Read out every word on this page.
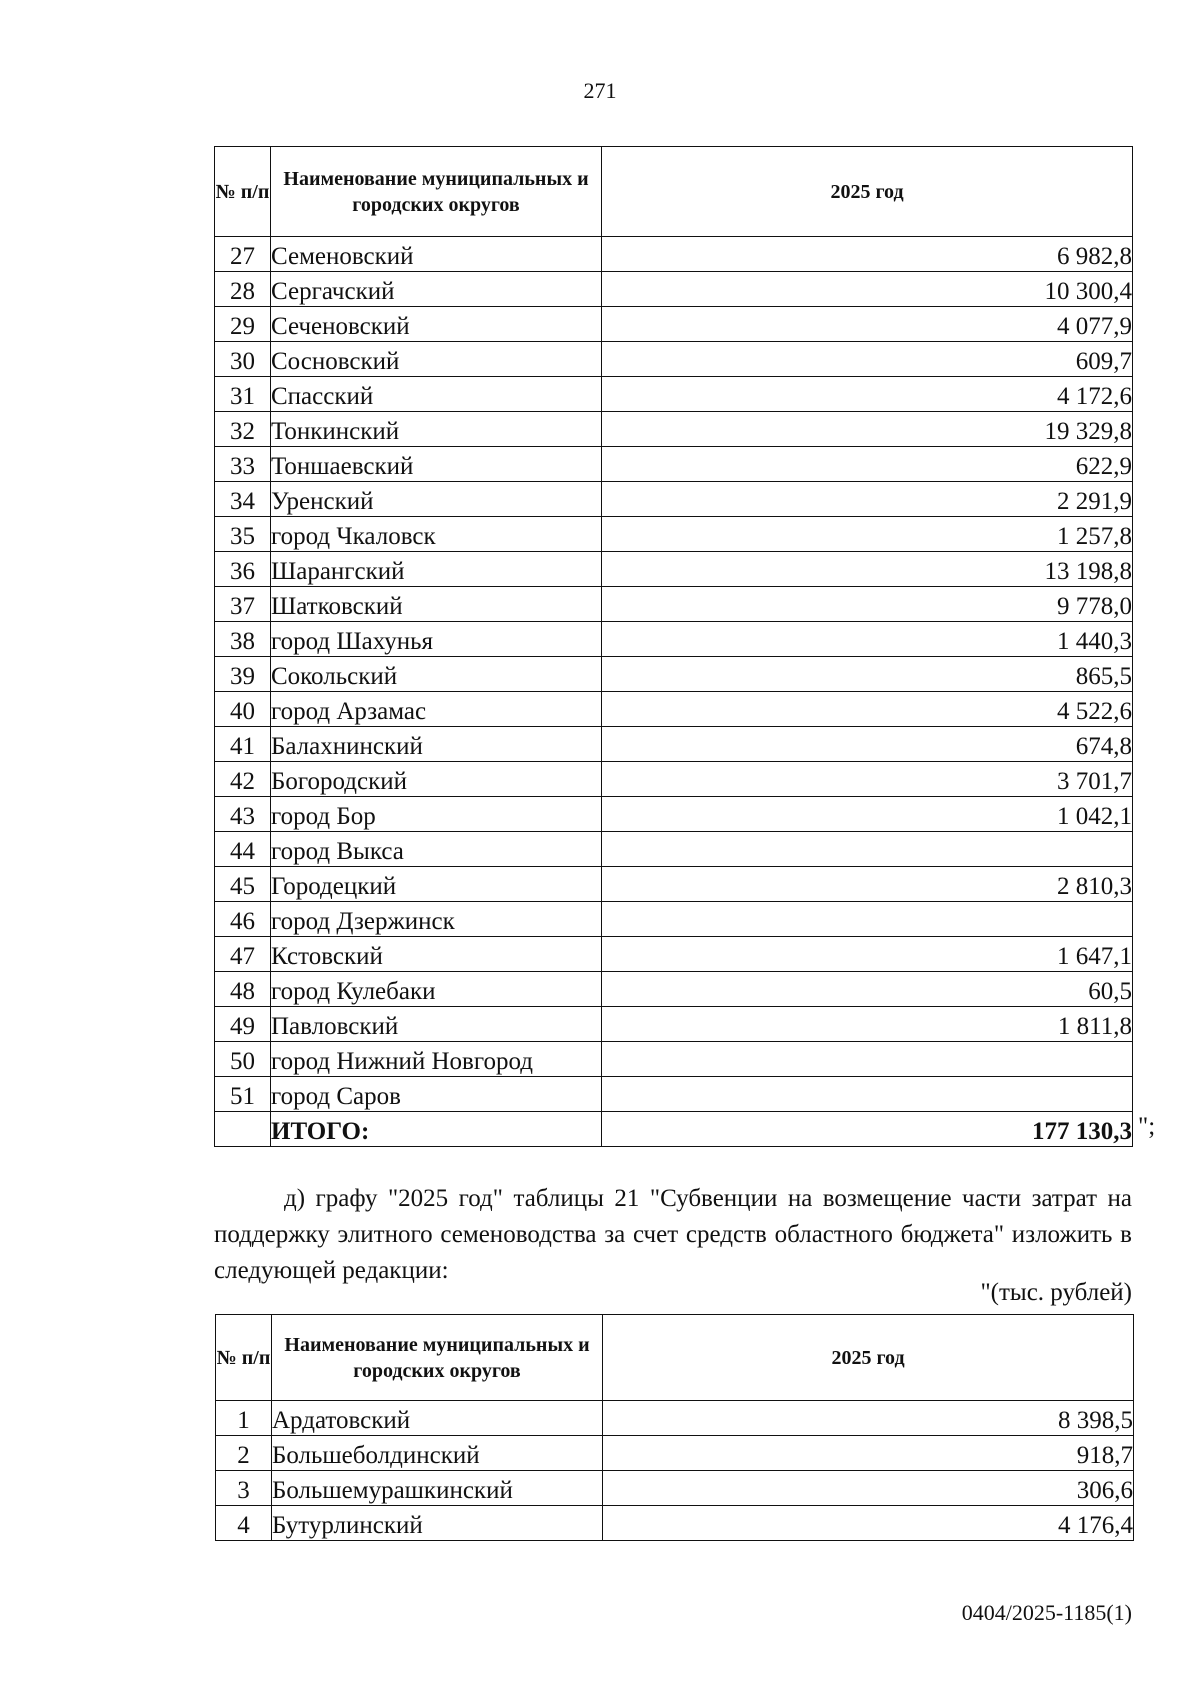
271
№ п/п	Наименование муниципальных и городских округов	2025 год
27	Семеновский	6 982,8
28	Сергачский	10 300,4
29	Сеченовский	4 077,9
30	Сосновский	609,7
31	Спасский	4 172,6
32	Тонкинский	19 329,8
33	Тоншаевский	622,9
34	Уренский	2 291,9
35	город Чкаловск	1 257,8
36	Шарангский	13 198,8
37	Шатковский	9 778,0
38	город Шахунья	1 440,3
39	Сокольский	865,5
40	город Арзамас	4 522,6
41	Балахнинский	674,8
42	Богородский	3 701,7
43	город Бор	1 042,1
44	город Выкса	
45	Городецкий	2 810,3
46	город Дзержинск	
47	Кстовский	1 647,1
48	город Кулебаки	60,5
49	Павловский	1 811,8
50	город Нижний Новгород	
51	город Саров	
	ИТОГО:	177 130,3 ";
д) графу "2025 год" таблицы 21 "Субвенции на возмещение части затрат на поддержку элитного семеноводства за счет средств областного бюджета" изложить в следующей редакции:
"(тыс. рублей)
№ п/п	Наименование муниципальных и городских округов	2025 год
1	Ардатовский	8 398,5
2	Большеболдинский	918,7
3	Большемурашкинский	306,6
4	Бутурлинский	4 176,4
0404/2025-1185(1)
